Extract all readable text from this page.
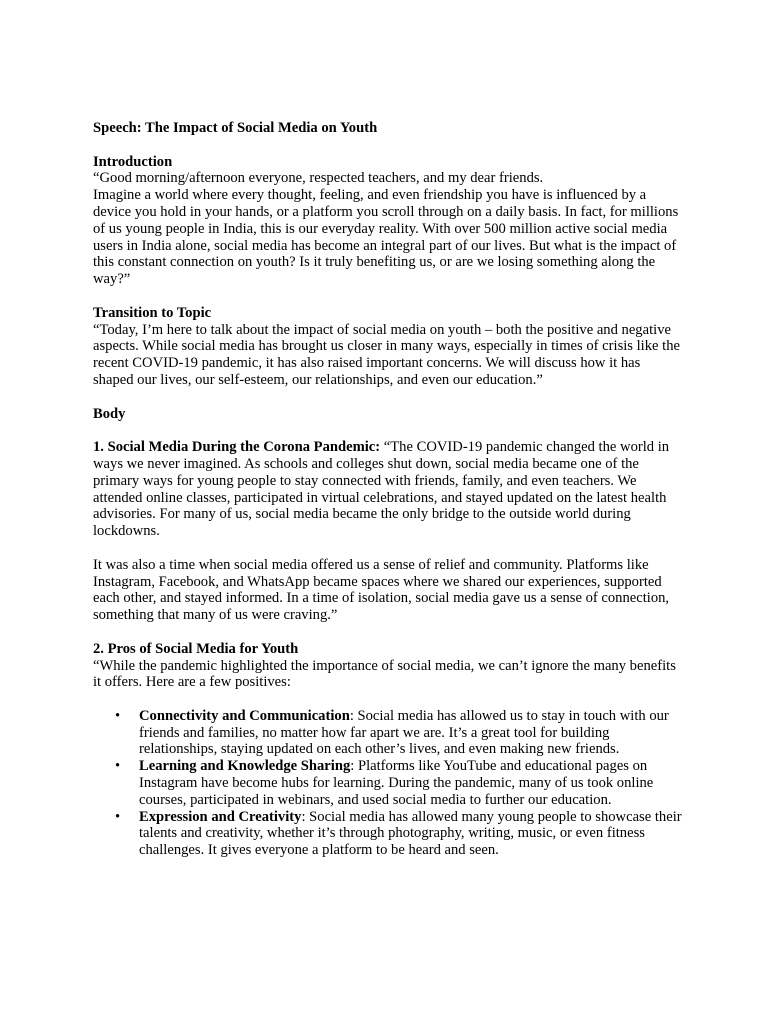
Speech: The Impact of Social Media on Youth

Introduction

“Good morning/afternoon everyone, respected teachers, and my dear friends.

Imagine a world where every thought, feeling, and even friendship you have is influenced by a device you hold in your hands, or a platform you scroll through on a daily basis. In fact, for millions of us young people in India, this is our everyday reality. With over 500 million active social media users in India alone, social media has become an integral part of our lives. But what is the impact of this constant connection on youth? Is it truly benefiting us, or are we losing something along the way?”

Transition to Topic

“Today, I’m here to talk about the impact of social media on youth – both the positive and negative aspects. While social media has brought us closer in many ways, especially in times of crisis like the recent COVID-19 pandemic, it has also raised important concerns. We will discuss how it has shaped our lives, our self-esteem, our relationships, and even our education.”

Body

1. Social Media During the Corona Pandemic: “The COVID-19 pandemic changed the world in ways we never imagined. As schools and colleges shut down, social media became one of the primary ways for young people to stay connected with friends, family, and even teachers. We attended online classes, participated in virtual celebrations, and stayed updated on the latest health advisories. For many of us, social media became the only bridge to the outside world during lockdowns.

It was also a time when social media offered us a sense of relief and community. Platforms like Instagram, Facebook, and WhatsApp became spaces where we shared our experiences, supported each other, and stayed informed. In a time of isolation, social media gave us a sense of connection, something that many of us were craving.”

2. Pros of Social Media for Youth

“While the pandemic highlighted the importance of social media, we can’t ignore the many benefits it offers. Here are a few positives:

• Connectivity and Communication: Social media has allowed us to stay in touch with our friends and families, no matter how far apart we are. It’s a great tool for building relationships, staying updated on each other’s lives, and even making new friends.
• Learning and Knowledge Sharing: Platforms like YouTube and educational pages on Instagram have become hubs for learning. During the pandemic, many of us took online courses, participated in webinars, and used social media to further our education.
• Expression and Creativity: Social media has allowed many young people to showcase their talents and creativity, whether it’s through photography, writing, music, or even fitness challenges. It gives everyone a platform to be heard and seen.
